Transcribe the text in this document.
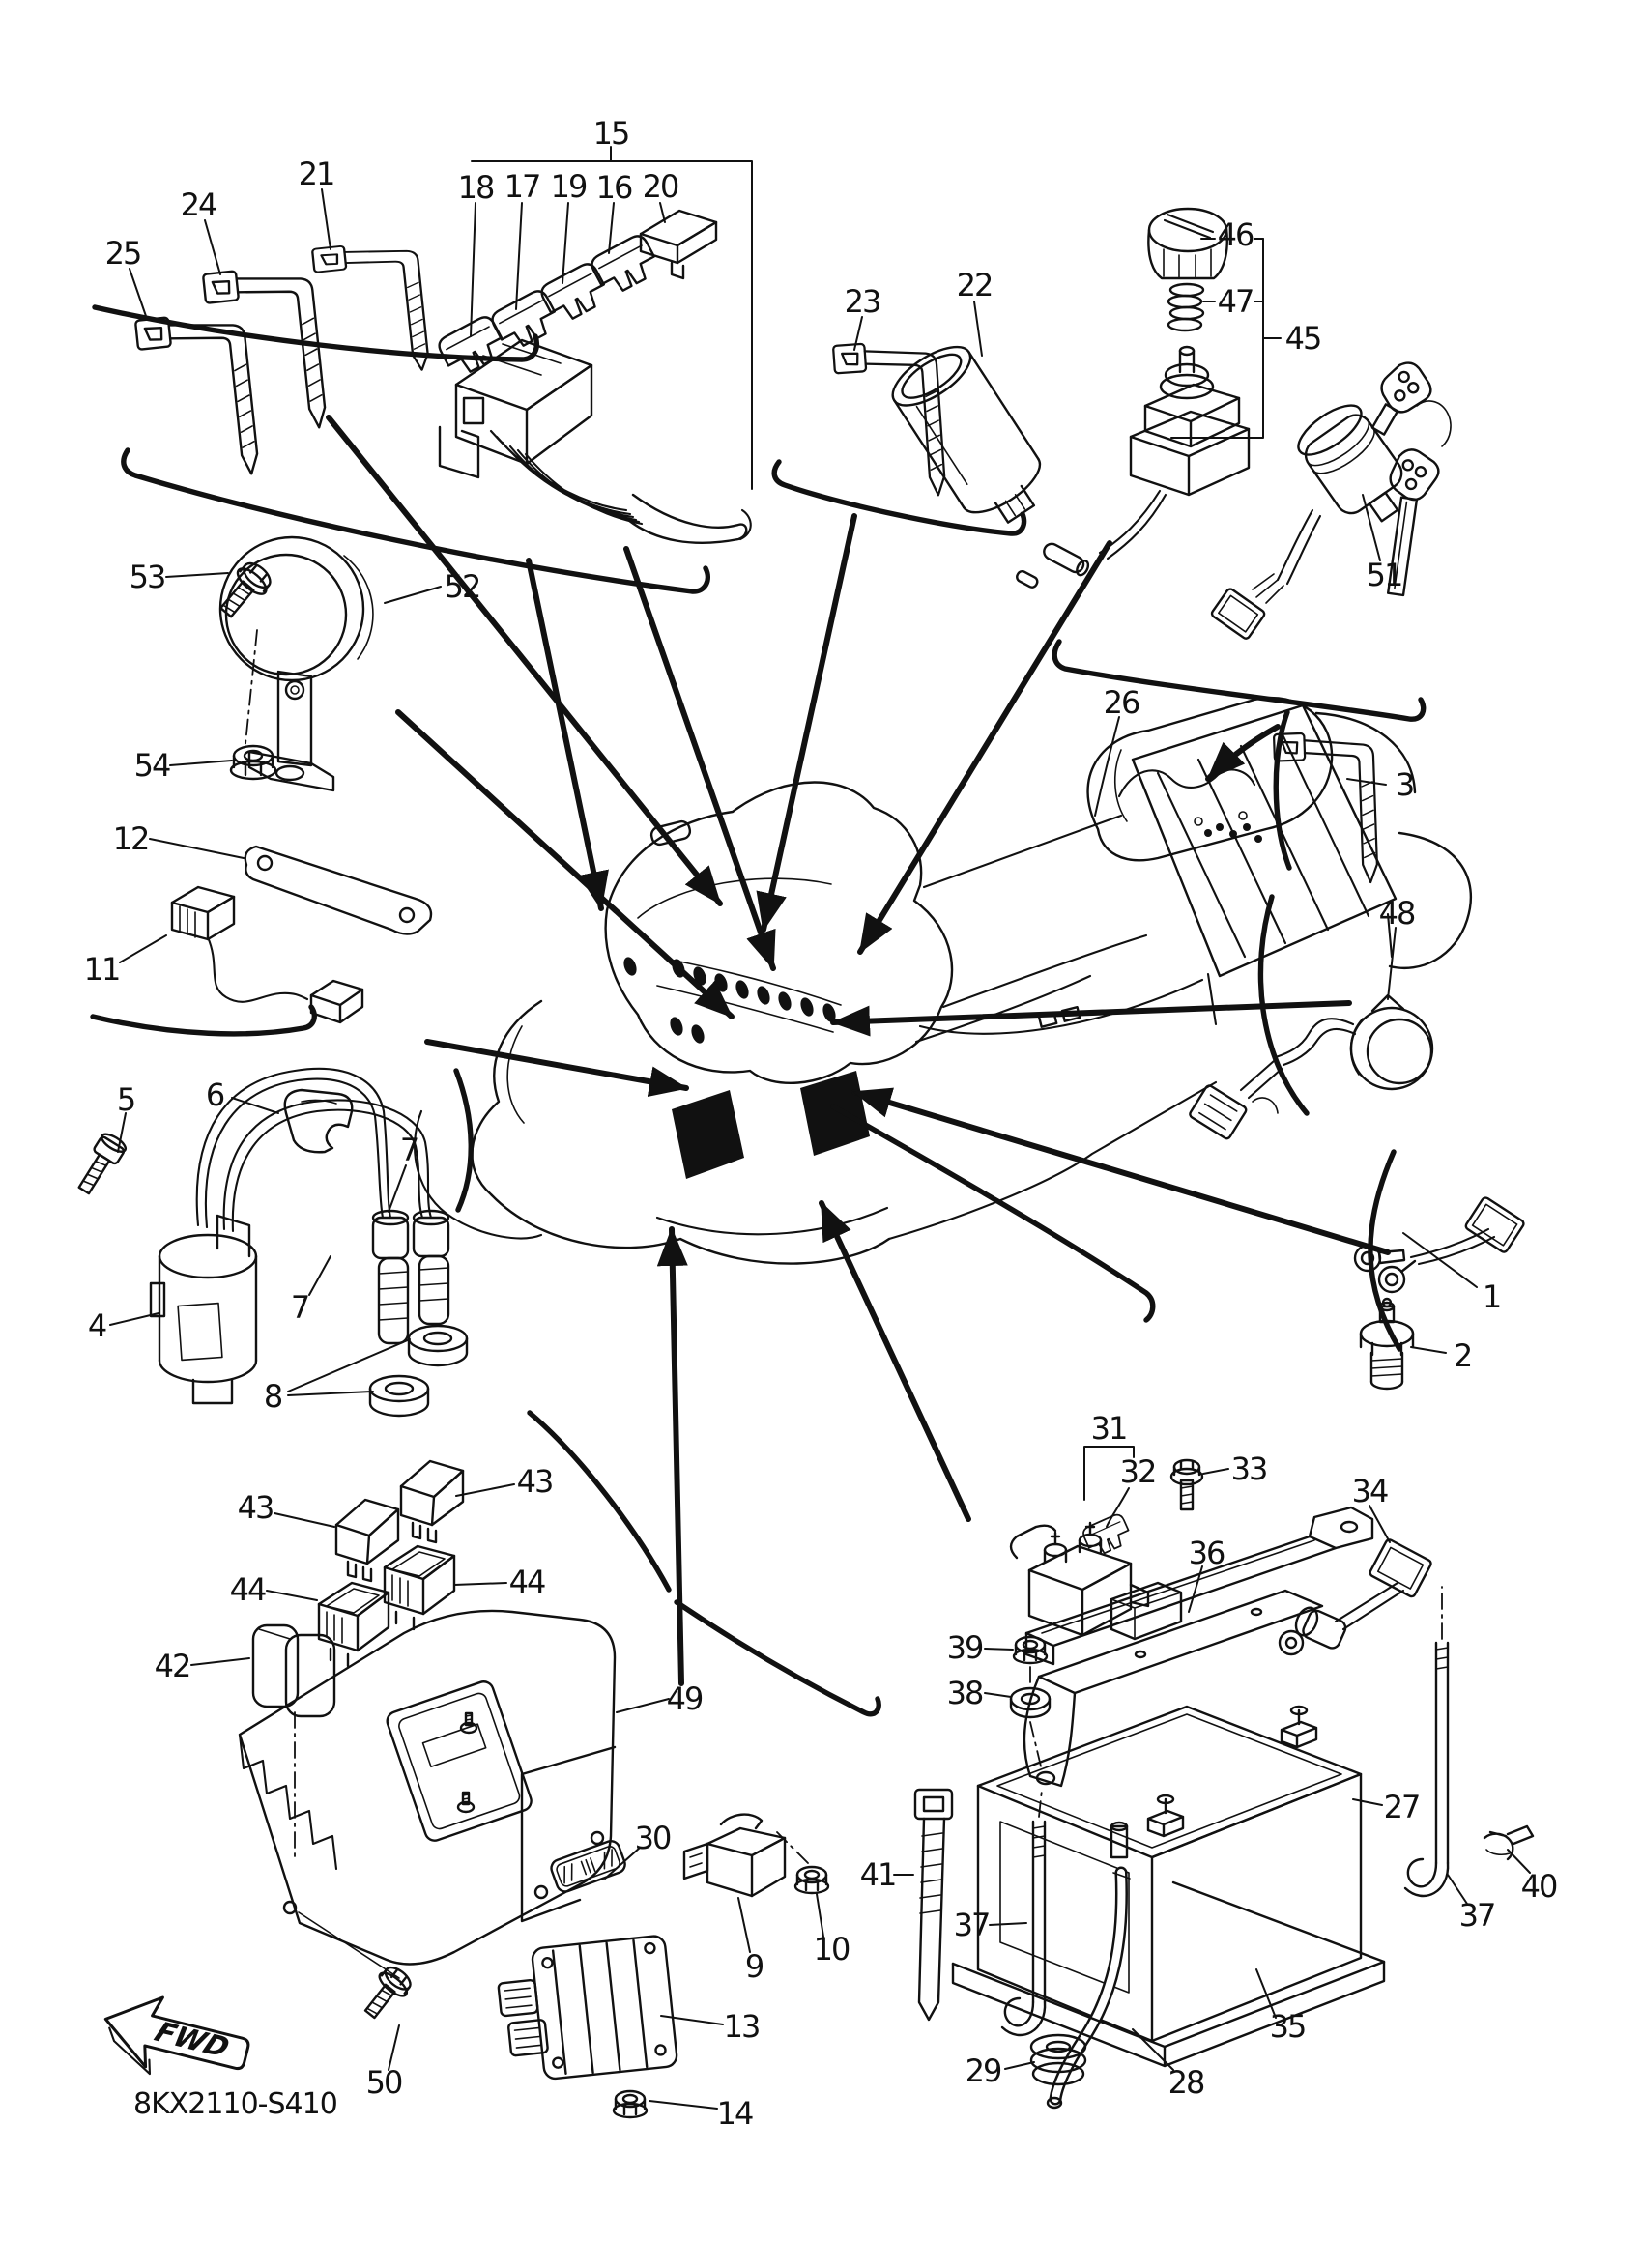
FWD
15
18 17 19 16 20
21
24
25
23 22
46
47
45
51
53	52
54
12
11
26
3
48
5 6
7
7
4
8
1
2
31
32 33
34
36
39
38
43
43
44	44
42
49
30
9 10
41
13
14
50
27
40
37
37
29	28
35
8KX2110-S410
